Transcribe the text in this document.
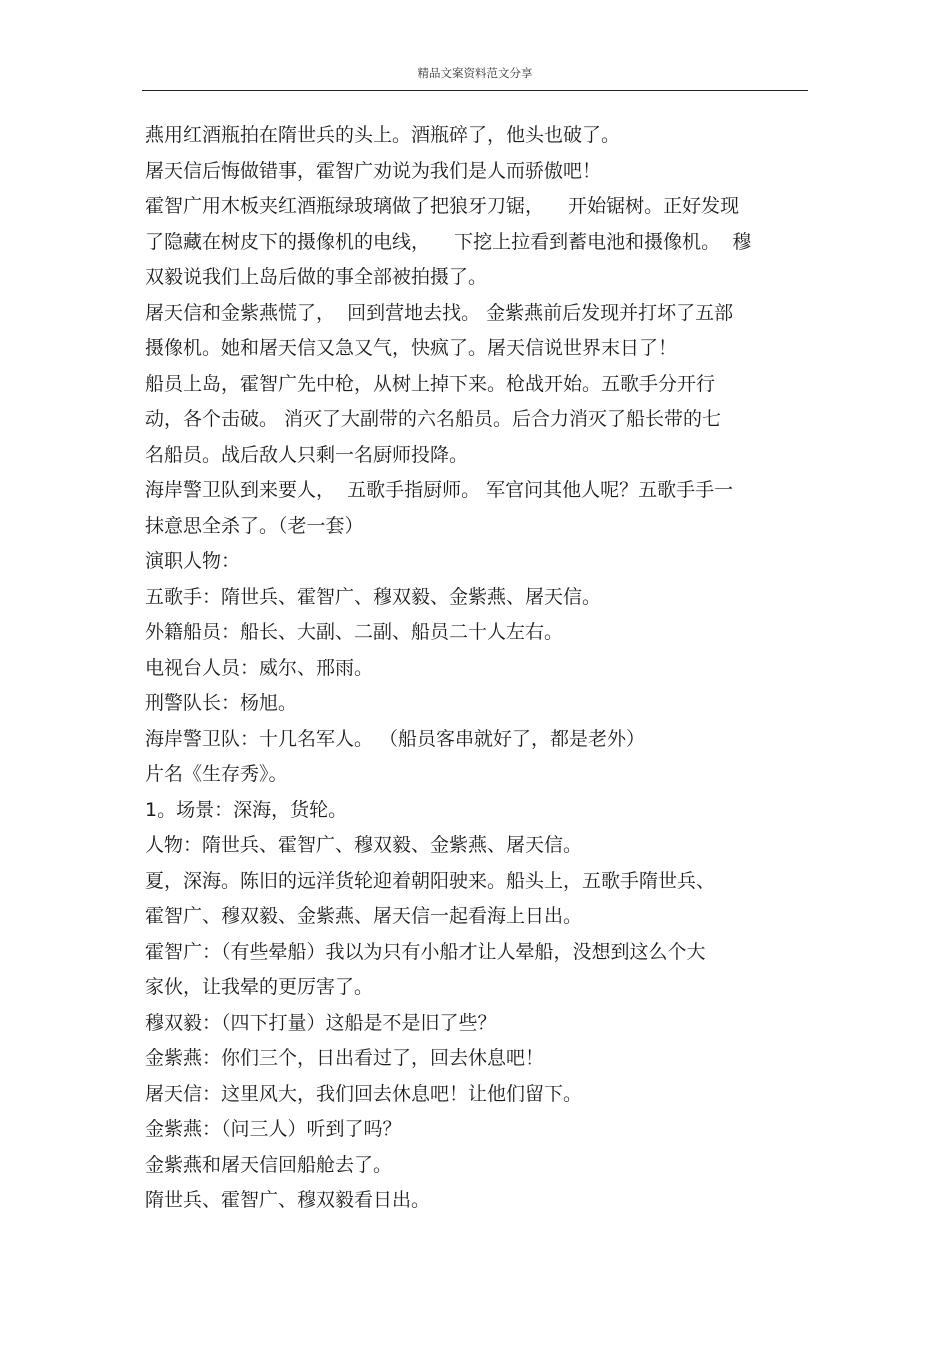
精品文案资料范文分享
燕用红酒瓶拍在隋世兵的头上。酒瓶碎了，他头也破了。
屠天信后悔做错事，霍智广劝说为我们是人而骄傲吧！
霍智广用木板夹红酒瓶绿玻璃做了把狼牙刀锯，    开始锯树。正好发现
了隐藏在树皮下的摄像机的电线，    下挖上拉看到蓄电池和摄像机。  穆
双毅说我们上岛后做的事全部被拍摄了。
屠天信和金紫燕慌了，  回到营地去找。 金紫燕前后发现并打坏了五部
摄像机。她和屠天信又急又气，快疯了。屠天信说世界末日了！
船员上岛，霍智广先中枪，从树上掉下来。枪战开始。五歌手分开行
动，各个击破。 消灭了大副带的六名船员。后合力消灭了船长带的七
名船员。战后敌人只剩一名厨师投降。
海岸警卫队到来要人，  五歌手指厨师。 军官问其他人呢？五歌手手一
抹意思全杀了。（老一套）
演职人物：
五歌手：隋世兵、霍智广、穆双毅、金紫燕、屠天信。
外籍船员：船长、大副、二副、船员二十人左右。
电视台人员：威尔、邢雨。
刑警队长：杨旭。
海岸警卫队：十几名军人。 （船员客串就好了，都是老外）
片名《生存秀》。
1。场景：深海，货轮。
人物：隋世兵、霍智广、穆双毅、金紫燕、屠天信。
夏，深海。陈旧的远洋货轮迎着朝阳驶来。船头上，五歌手隋世兵、
霍智广、穆双毅、金紫燕、屠天信一起看海上日出。
霍智广：（有些晕船）我以为只有小船才让人晕船，没想到这么个大
家伙，让我晕的更厉害了。
穆双毅：（四下打量）这船是不是旧了些？
金紫燕：你们三个，日出看过了，回去休息吧！
屠天信：这里风大，我们回去休息吧！让他们留下。
金紫燕：（问三人）听到了吗？
金紫燕和屠天信回船舱去了。
隋世兵、霍智广、穆双毅看日出。
